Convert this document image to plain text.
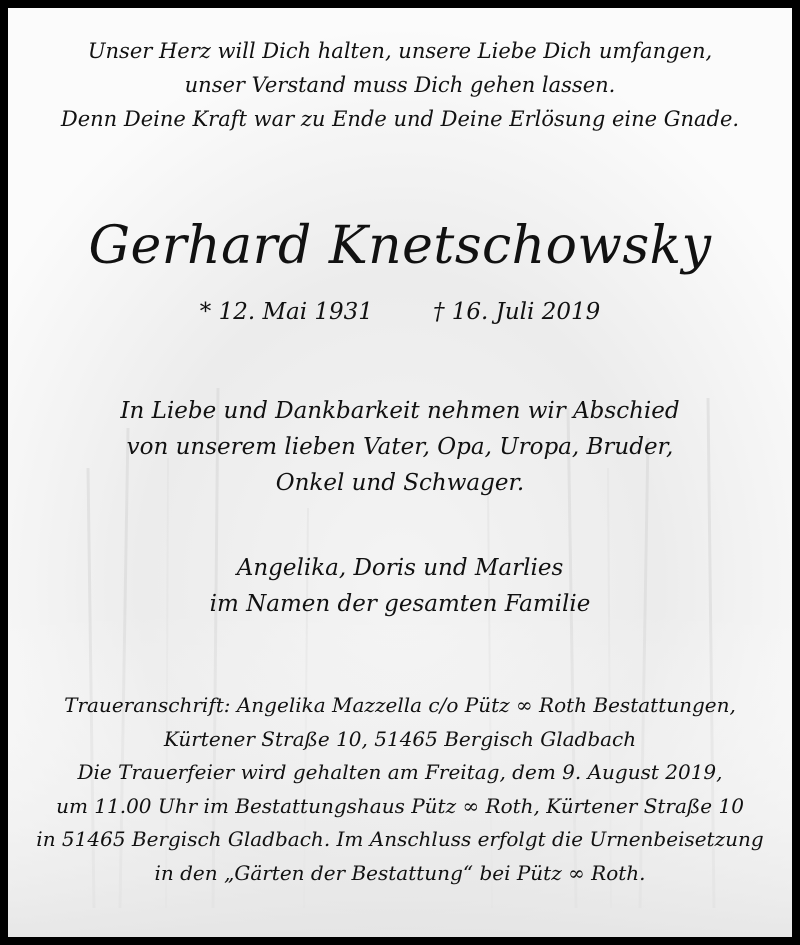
Unser Herz will Dich halten, unsere Liebe Dich umfangen,
unser Verstand muss Dich gehen lassen.
Denn Deine Kraft war zu Ende und Deine Erlösung eine Gnade.
Gerhard Knetschowsky
* 12. Mai 1931	† 16. Juli 2019
In Liebe und Dankbarkeit nehmen wir Abschied
von unserem lieben Vater, Opa, Uropa, Bruder,
Onkel und Schwager.
Angelika, Doris und Marlies
im Namen der gesamten Familie
Traueranschrift: Angelika Mazzella c/o Pütz ∞ Roth Bestattungen,
Kürtener Straße 10, 51465 Bergisch Gladbach
Die Trauerfeier wird gehalten am Freitag, dem 9. August 2019,
um 11.00 Uhr im Bestattungshaus Pütz ∞ Roth, Kürtener Straße 10
in 51465 Bergisch Gladbach. Im Anschluss erfolgt die Urnenbeisetzung
in den „Gärten der Bestattung“ bei Pütz ∞ Roth.
